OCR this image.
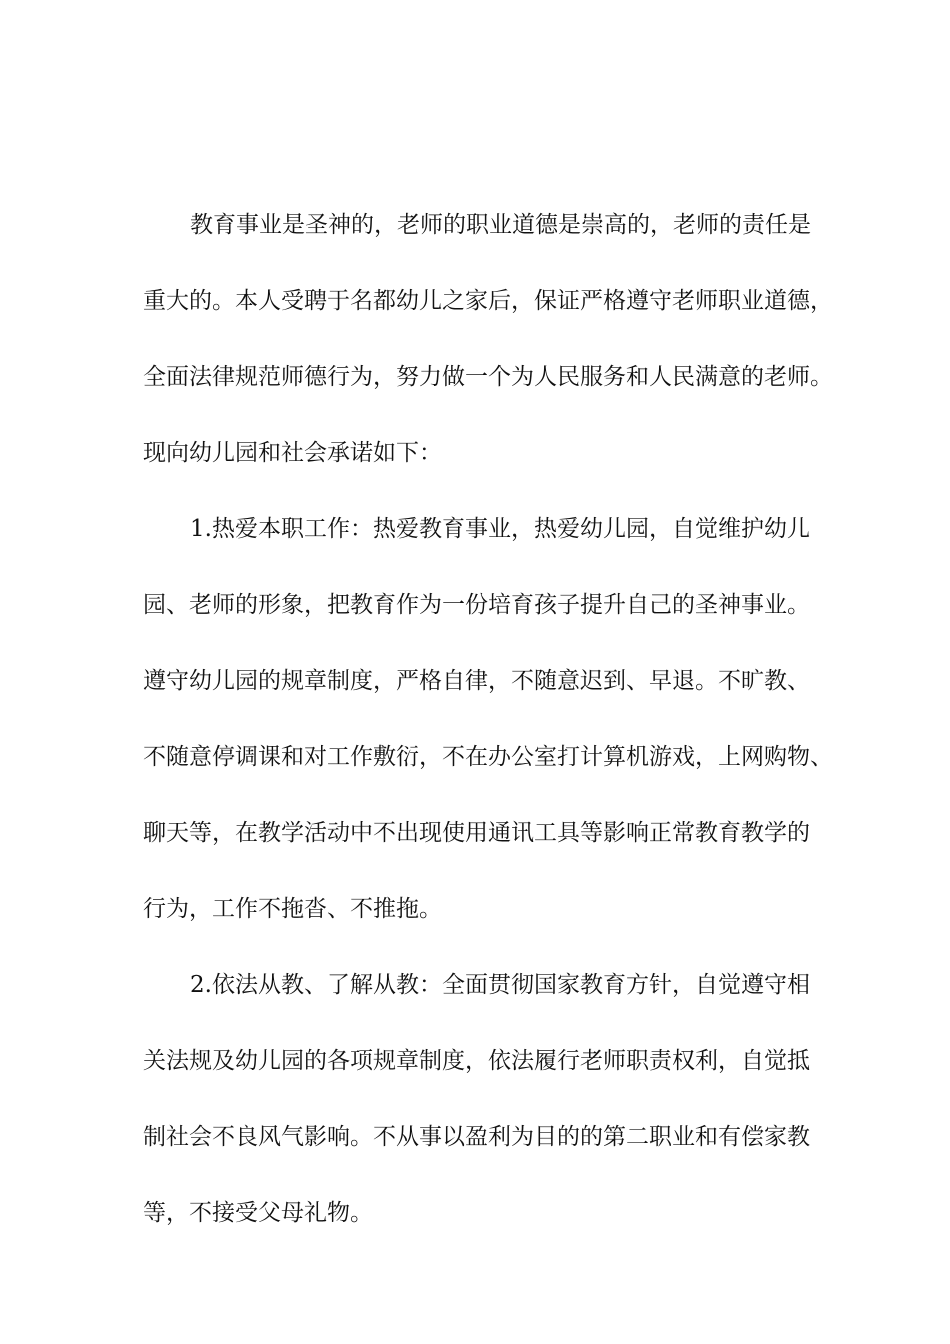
教育事业是圣神的，老师的职业道德是崇高的，老师的责任是
重大的。本人受聘于名都幼儿之家后，保证严格遵守老师职业道德，
全面法律规范师德行为，努力做一个为人民服务和人民满意的老师。
现向幼儿园和社会承诺如下：
1.热爱本职工作：热爱教育事业，热爱幼儿园，自觉维护幼儿
园、老师的形象，把教育作为一份培育孩子提升自己的圣神事业。
遵守幼儿园的规章制度，严格自律，不随意迟到、早退。不旷教、
不随意停调课和对工作敷衍，不在办公室打计算机游戏，上网购物、
聊天等，在教学活动中不出现使用通讯工具等影响正常教育教学的
行为，工作不拖沓、不推拖。
2.依法从教、了解从教：全面贯彻国家教育方针，自觉遵守相
关法规及幼儿园的各项规章制度，依法履行老师职责权利，自觉抵
制社会不良风气影响。不从事以盈利为目的的第二职业和有偿家教
等，不接受父母礼物。
